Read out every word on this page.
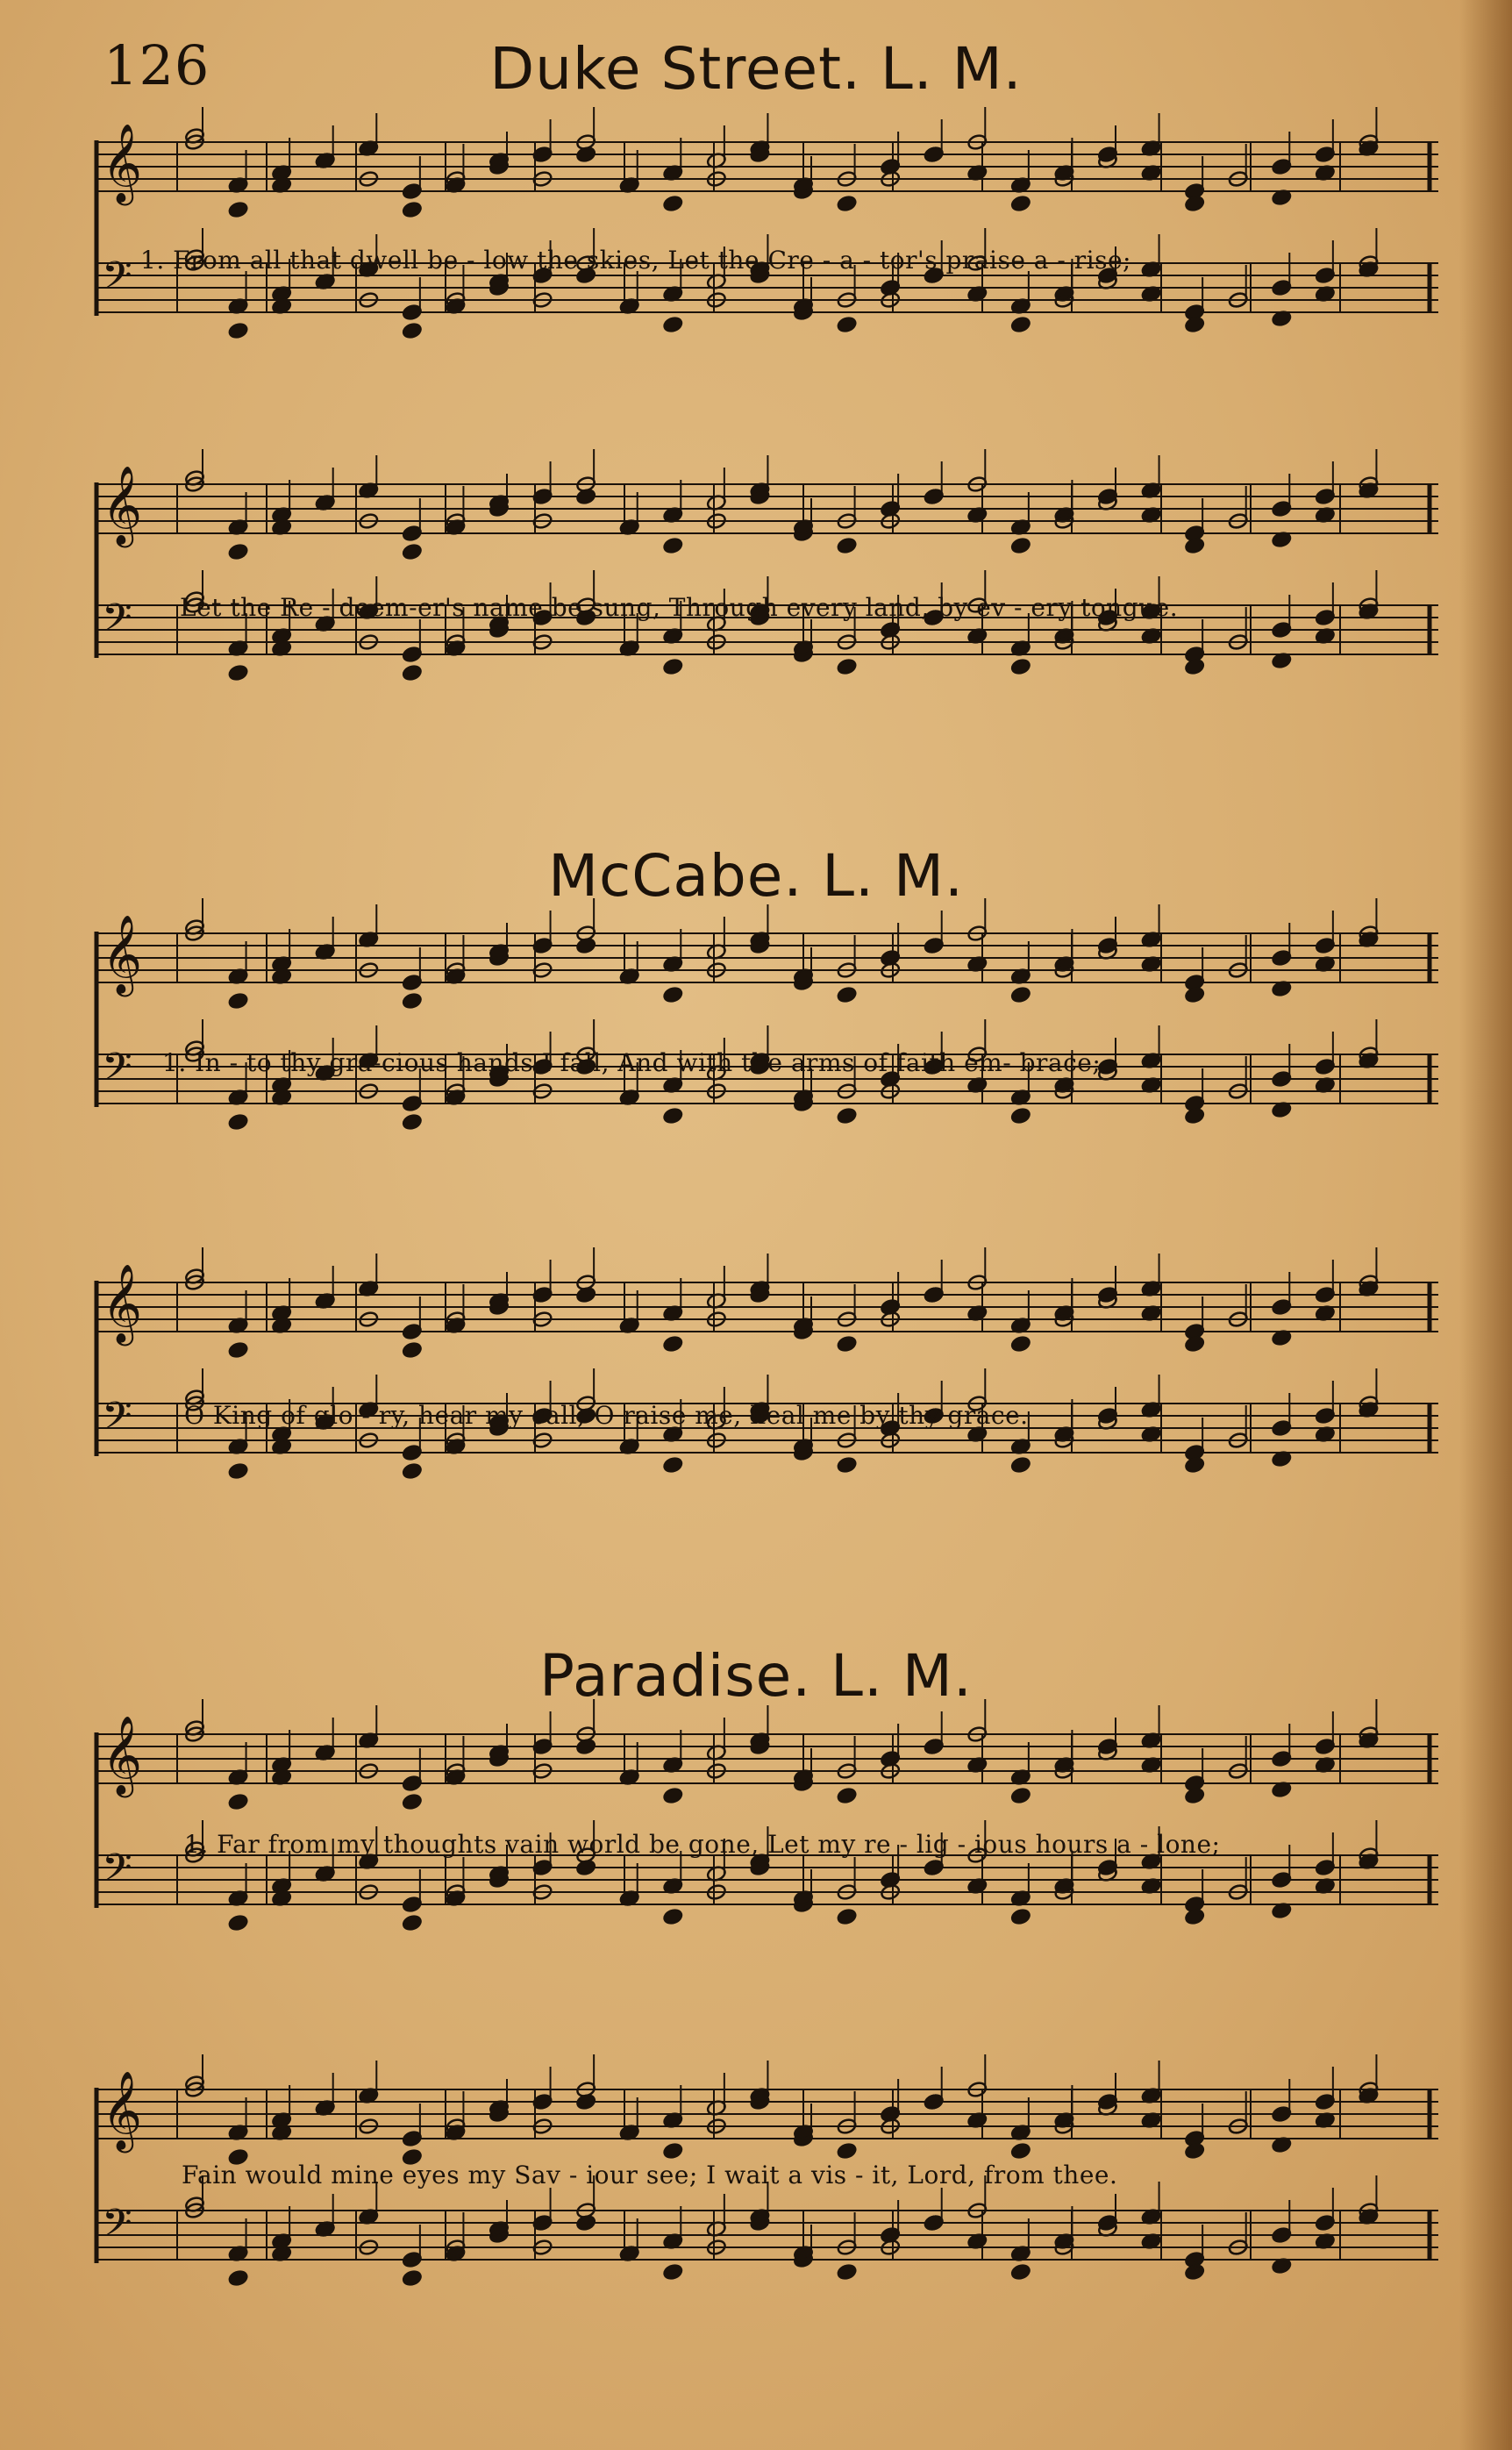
126	Duke Street. L. M.
𝄞
𝄢 1. From all that dwell be - low the skies, Let the Cre - a - tor's praise a - rise;
𝄞
𝄢 Let the Re - deem-er's name be sung, Through every land, by ev - ery tongue.
McCabe. L. M.
𝄞
𝄢 1. In - to thy gra-cious hands I fall, And with the arms of faith em- brace;
𝄞
𝄢 O King of glo - ry, hear my call; O raise me, heal me by thy grace.
Paradise. L. M.
𝄞
𝄢
1. Far from my thoughts vain world be gone, Let my re - lig - ious hours a - lone;
𝄞
𝄢
Fain would mine eyes my Sav - iour see; I wait a vis - it, Lord, from thee.
